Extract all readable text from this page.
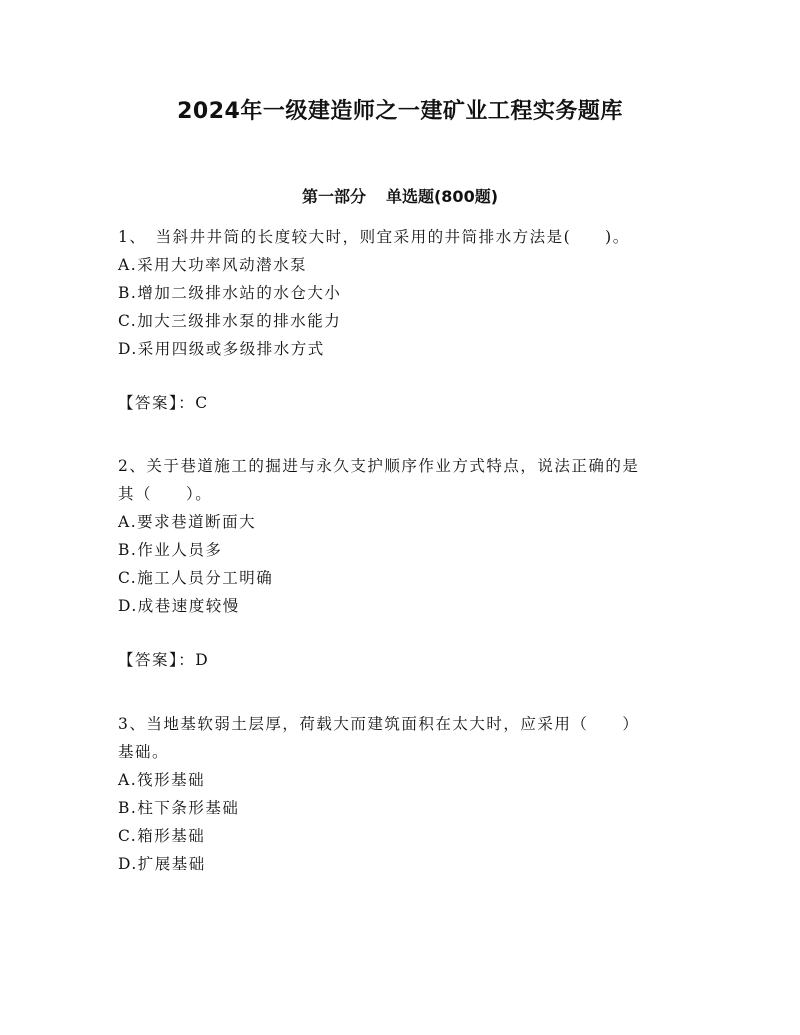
2024年一级建造师之一建矿业工程实务题库
第一部分 单选题(800题)
1、　当斜井井筒的长度较大时，则宜采用的井筒排水方法是(　　)。
A.采用大功率风动潜水泵
B.增加二级排水站的水仓大小
C.加大三级排水泵的排水能力
D.采用四级或多级排水方式
【答案】：C
2、关于巷道施工的掘进与永久支护顺序作业方式特点，说法正确的是
其（　　）。
A.要求巷道断面大
B.作业人员多
C.施工人员分工明确
D.成巷速度较慢
【答案】：D
3、当地基软弱土层厚，荷载大而建筑面积在太大时，应采用（　　）
基础。
A.筏形基础
B.柱下条形基础
C.箱形基础
D.扩展基础
